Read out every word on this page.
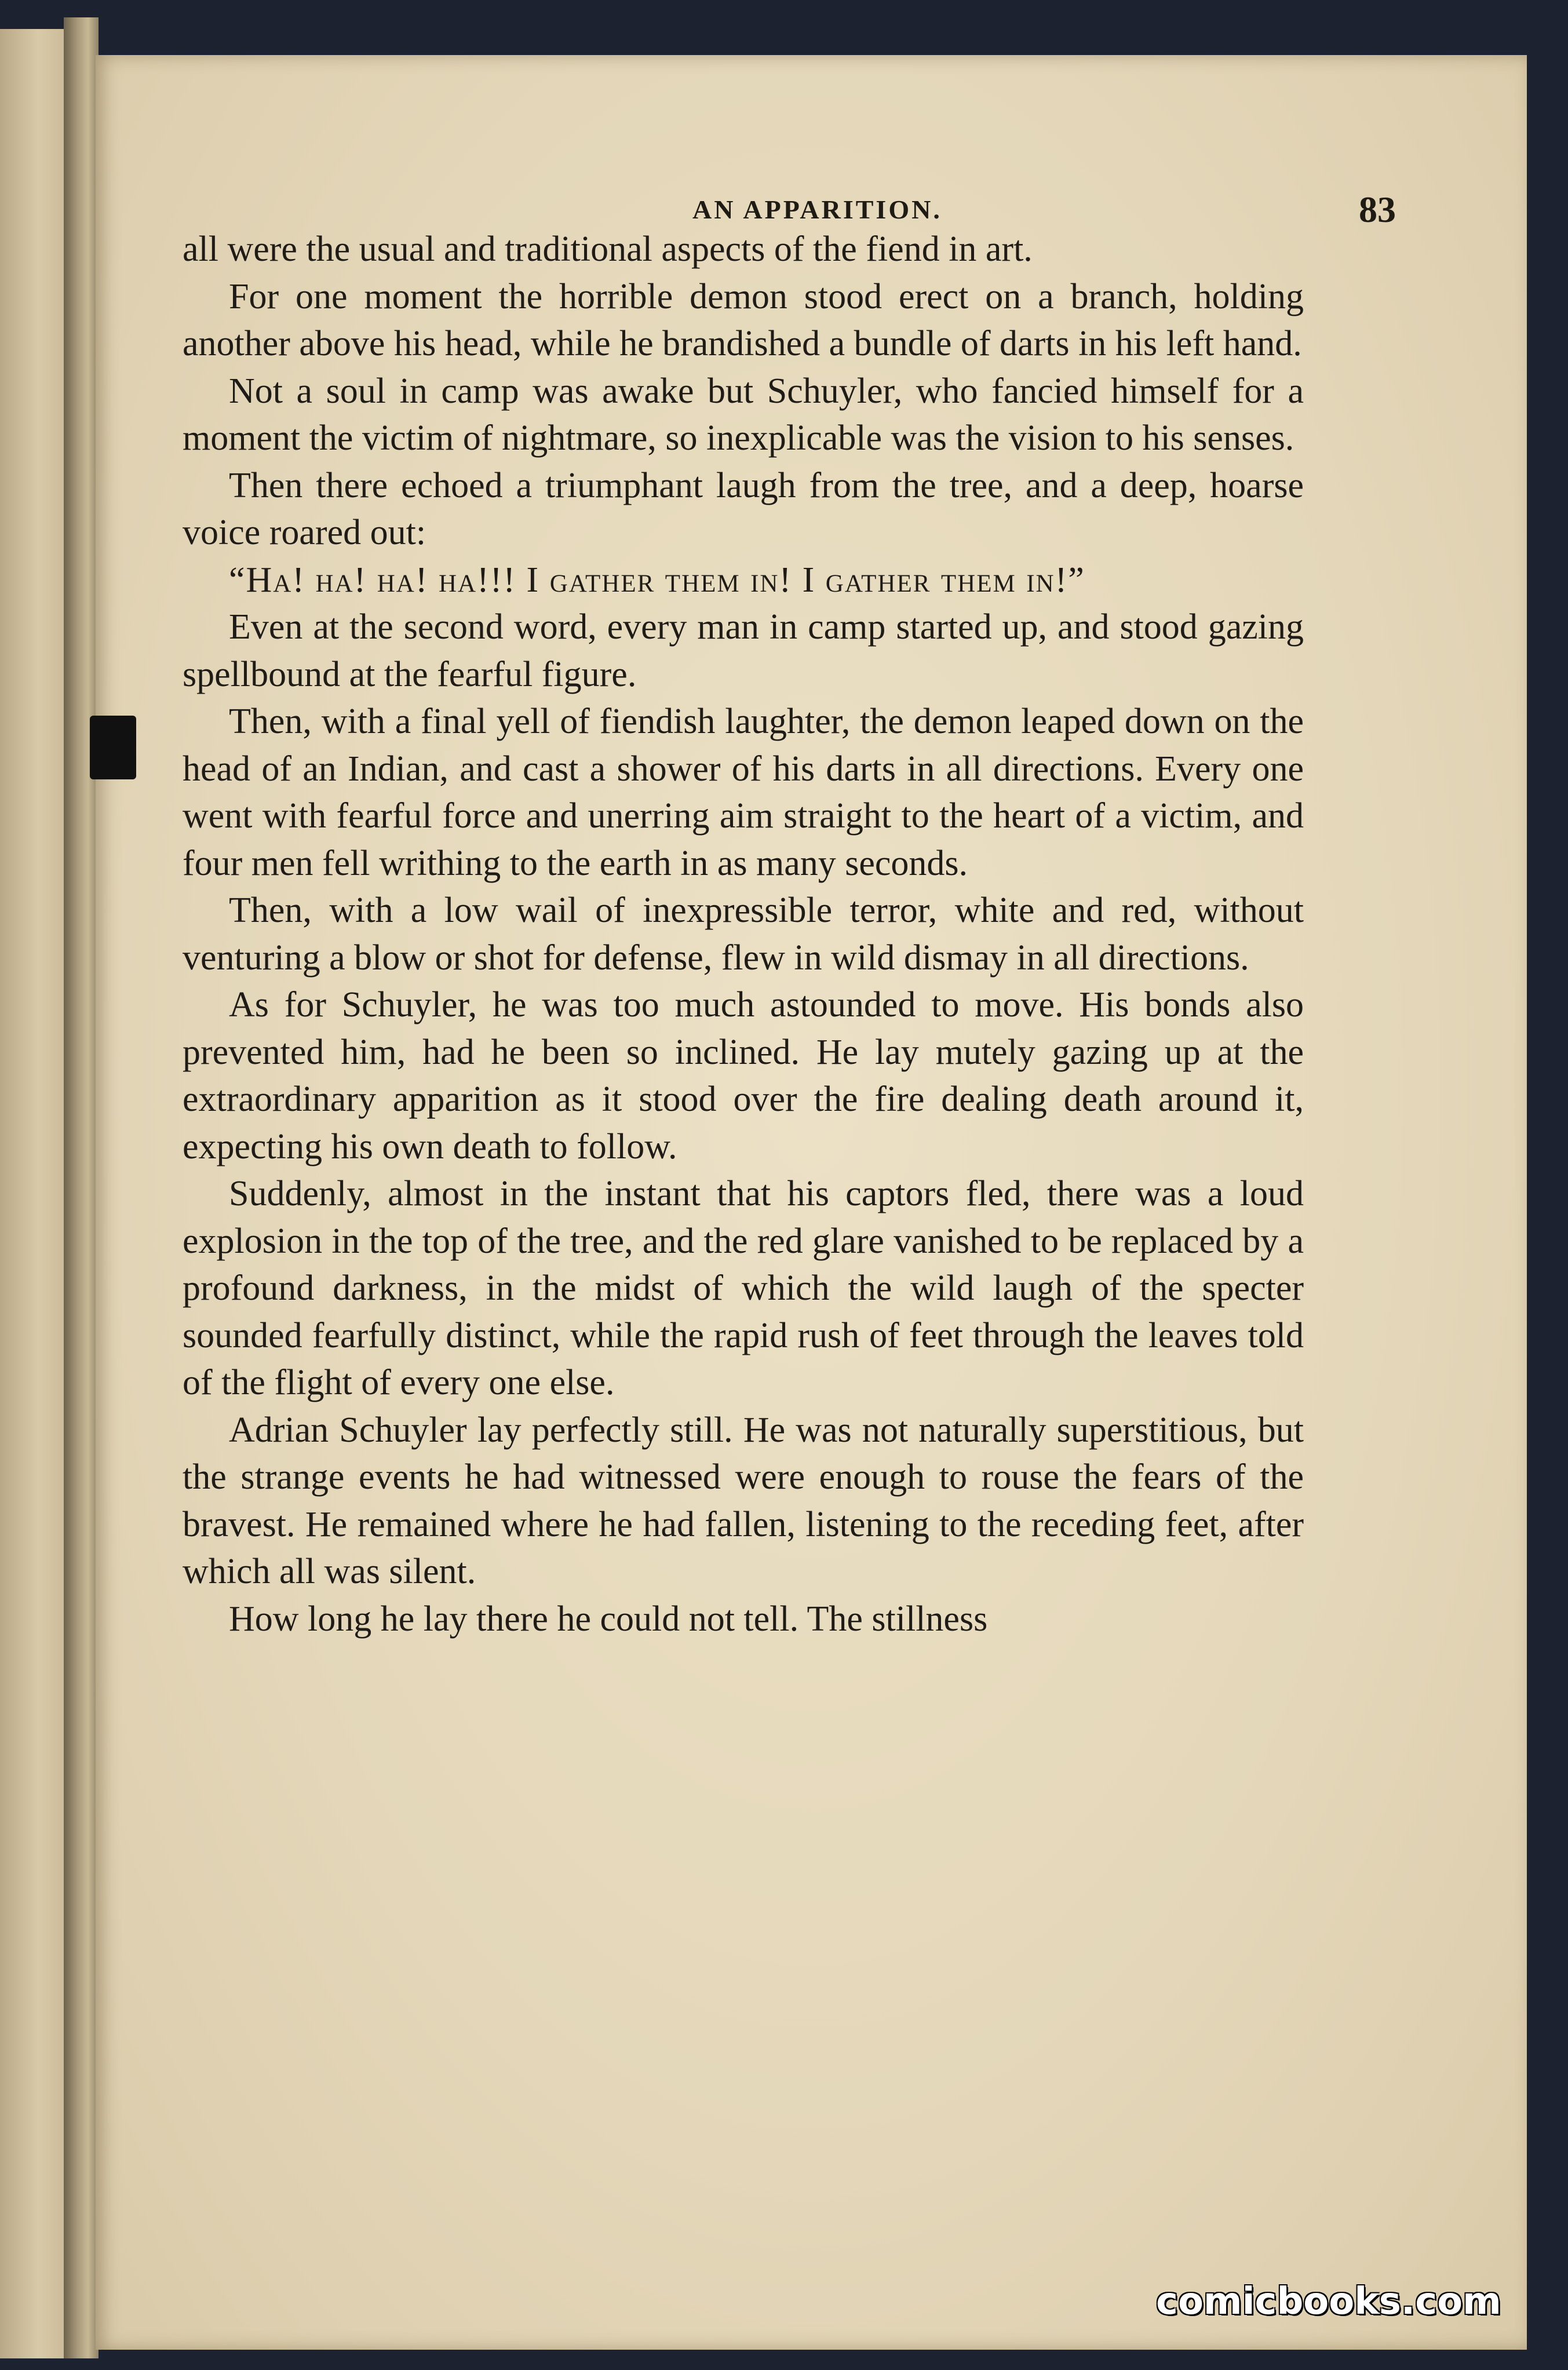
AN APPARITION.	83

all were the usual and traditional aspects of the fiend in art.

For one moment the horrible demon stood erect on a branch, holding another above his head, while he brandished a bundle of darts in his left hand.

Not a soul in camp was awake but Schuyler, who fancied himself for a moment the victim of nightmare, so inexplicable was the vision to his senses.

Then there echoed a triumphant laugh from the tree, and a deep, hoarse voice roared out:

“Ha! ha! ha! ha!!! I gather them in! I gather them in!”

Even at the second word, every man in camp started up, and stood gazing spellbound at the fearful figure.

Then, with a final yell of fiendish laughter, the demon leaped down on the head of an Indian, and cast a shower of his darts in all directions. Every one went with fearful force and unerring aim straight to the heart of a victim, and four men fell writhing to the earth in as many seconds.

Then, with a low wail of inexpressible terror, white and red, without venturing a blow or shot for defense, flew in wild dismay in all directions.

As for Schuyler, he was too much astounded to move. His bonds also prevented him, had he been so inclined. He lay mutely gazing up at the extraordinary apparition as it stood over the fire dealing death around it, expecting his own death to follow.

Suddenly, almost in the instant that his captors fled, there was a loud explosion in the top of the tree, and the red glare vanished to be replaced by a profound darkness, in the midst of which the wild laugh of the specter sounded fearfully distinct, while the rapid rush of feet through the leaves told of the flight of every one else.

Adrian Schuyler lay perfectly still. He was not naturally superstitious, but the strange events he had witnessed were enough to rouse the fears of the bravest. He remained where he had fallen, listening to the receding feet, after which all was silent.

How long he lay there he could not tell. The stillness

comicbooks.com
